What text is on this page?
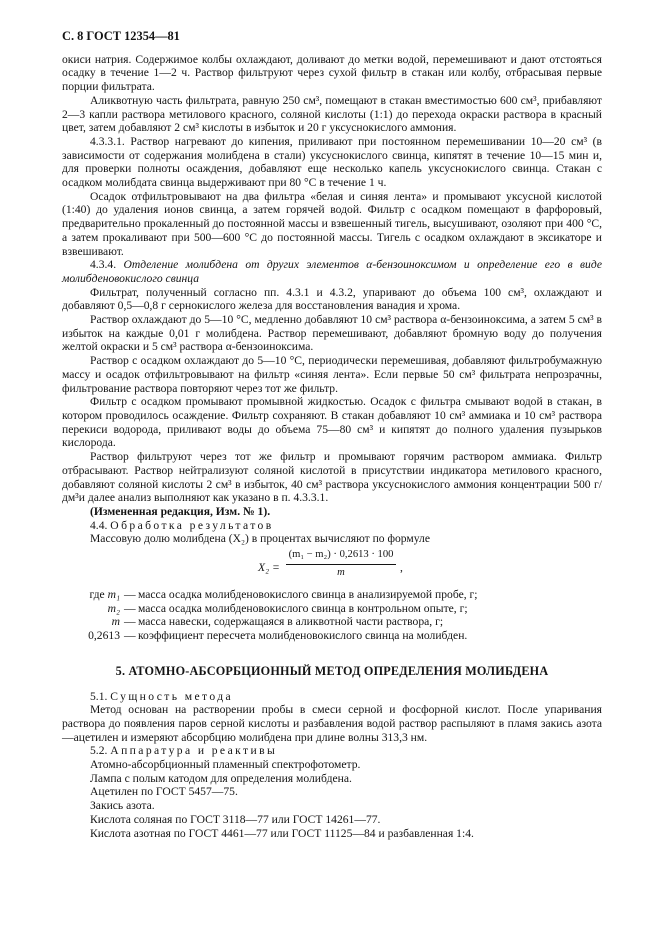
С. 8 ГОСТ 12354—81

окиси натрия. Содержимое колбы охлаждают, доливают до метки водой, перемешивают и дают отстояться осадку в течение 1—2 ч. Раствор фильтруют через сухой фильтр в стакан или колбу, отбрасывая первые порции фильтрата.

Аликвотную часть фильтрата, равную 250 см³, помещают в стакан вместимостью 600 см³, прибавляют 2—3 капли раствора метилового красного, соляной кислоты (1:1) до перехода окраски раствора в красный цвет, затем добавляют 2 см³ кислоты в избыток и 20 г уксуснокислого аммония.

4.3.3.1. Раствор нагревают до кипения, приливают при постоянном перемешивании 10—20 см³ (в зависимости от содержания молибдена в стали) уксуснокислого свинца, кипятят в течение 10—15 мин и, для проверки полноты осаждения, добавляют еще несколько капель уксуснокислого свинца. Стакан с осадком молибдата свинца выдерживают при 80 °С в течение 1 ч.

Осадок отфильтровывают на два фильтра «белая и синяя лента» и промывают уксусной кислотой (1:40) до удаления ионов свинца, а затем горячей водой. Фильтр с осадком помещают в фарфоровый, предварительно прокаленный до постоянной массы и взвешенный тигель, высушивают, озоляют при 400 °С, а затем прокаливают при 500—600 °С до постоянной массы. Тигель с осадком охлаждают в эксикаторе и взвешивают.

4.3.4. Отделение молибдена от других элементов α-бензоиноксимом и определение его в виде молибденовокислого свинца

Фильтрат, полученный согласно пп. 4.3.1 и 4.3.2, упаривают до объема 100 см³, охлаждают и добавляют 0,5—0,8 г сернокислого железа для восстановления ванадия и хрома.

Раствор охлаждают до 5—10 °С, медленно добавляют 10 см³ раствора α-бензоиноксима, а затем 5 см³ в избыток на каждые 0,01 г молибдена. Раствор перемешивают, добавляют бромную воду до получения желтой окраски и 5 см³ раствора α-бензоиноксима.

Раствор с осадком охлаждают до 5—10 °С, периодически перемешивая, добавляют фильтробумажную массу и осадок отфильтровывают на фильтр «синяя лента». Если первые 50 см³ фильтрата непрозрачны, фильтрование раствора повторяют через тот же фильтр.

Фильтр с осадком промывают промывной жидкостью. Осадок с фильтра смывают водой в стакан, в котором проводилось осаждение. Фильтр сохраняют. В стакан добавляют 10 см³ аммиака и 10 см³ раствора перекиси водорода, приливают воды до объема 75—80 см³ и кипятят до полного удаления пузырьков кислорода.

Раствор фильтруют через тот же фильтр и промывают горячим раствором аммиака. Фильтр отбрасывают. Раствор нейтрализуют соляной кислотой в присутствии индикатора метилового красного, добавляют соляной кислоты 2 см³ в избыток, 40 см³ раствора уксуснокислого аммония концентрации 500 г/дм³и далее анализ выполняют как указано в п. 4.3.3.1.

(Измененная редакция, Изм. № 1).

4.4. Обработка результатов

Массовую долю молибдена (X₂) в процентах вычисляют по формуле

$X_2 = \frac{\text{(m₁ − m₂) · 0,2613 · 100}}{m}$ ,
где m₁ — масса осадка молибденовокислого свинца в анализируемой пробе, г;
m₂ — масса осадка молибденовокислого свинца в контрольном опыте, г;
m — масса навески, содержащаяся в аликвотной части раствора, г;
0,2613 — коэффициент пересчета молибденовокислого свинца на молибден.
5. АТОМНО-АБСОРБЦИОННЫЙ МЕТОД ОПРЕДЕЛЕНИЯ МОЛИБДЕНА

5.1. Сущность метода

Метод основан на растворении пробы в смеси серной и фосфорной кислот. После упаривания раствора до появления паров серной кислоты и разбавления водой раствор распыляют в пламя закись азота—ацетилен и измеряют абсорбцию молибдена при длине волны 313,3 нм.

5.2. Аппаратура и реактивы

Атомно-абсорбционный пламенный спектрофотометр.

Лампа с полым катодом для определения молибдена.

Ацетилен по ГОСТ 5457—75.

Закись азота.

Кислота соляная по ГОСТ 3118—77 или ГОСТ 14261—77.

Кислота азотная по ГОСТ 4461—77 или ГОСТ 11125—84 и разбавленная 1:4.
